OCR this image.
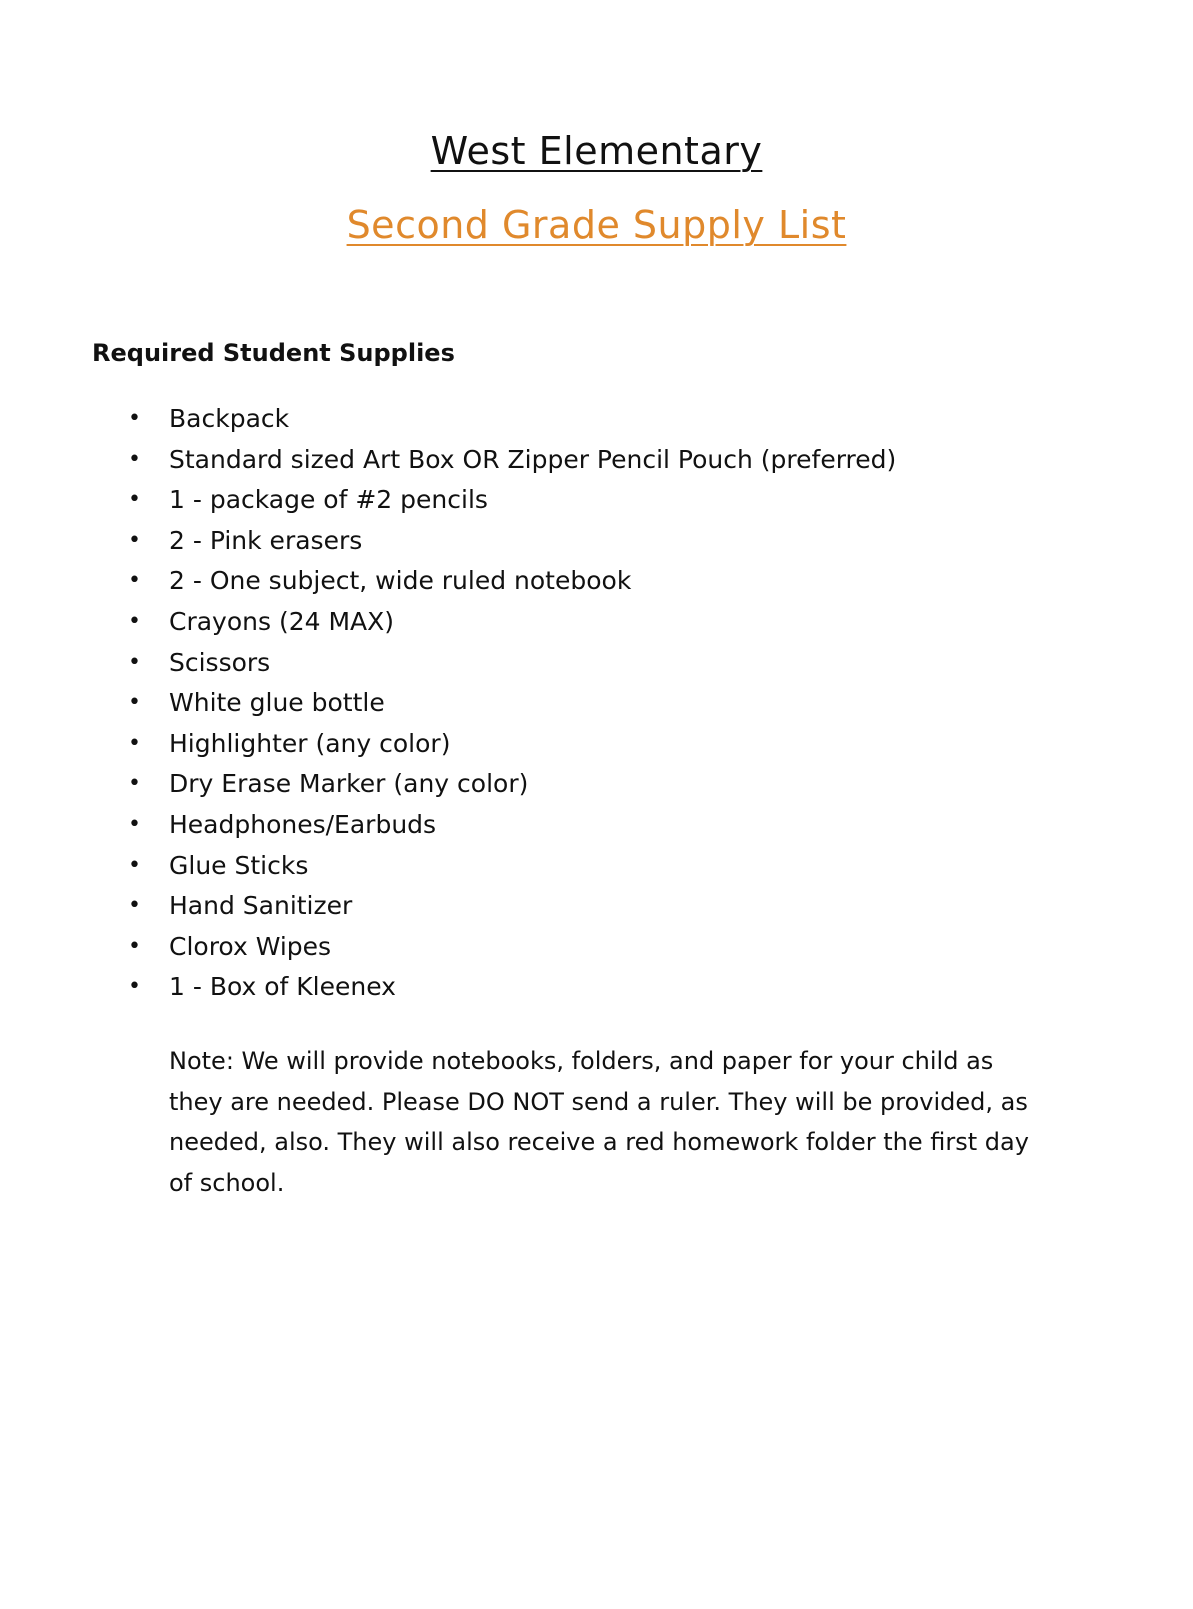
West Elementary
Second Grade Supply List
Required Student Supplies
• Backpack
• Standard sized Art Box OR Zipper Pencil Pouch (preferred)
• 1 - package of #2 pencils
• 2 - Pink erasers
• 2 - One subject, wide ruled notebook
• Crayons (24 MAX)
• Scissors
• White glue bottle
• Highlighter (any color)
• Dry Erase Marker (any color)
• Headphones/Earbuds
• Glue Sticks
• Hand Sanitizer
• Clorox Wipes
• 1 - Box of Kleenex

Note: We will provide notebooks, folders, and paper for your child as they are needed. Please DO NOT send a ruler. They will be provided, as needed, also. They will also receive a red homework folder the first day of school.
